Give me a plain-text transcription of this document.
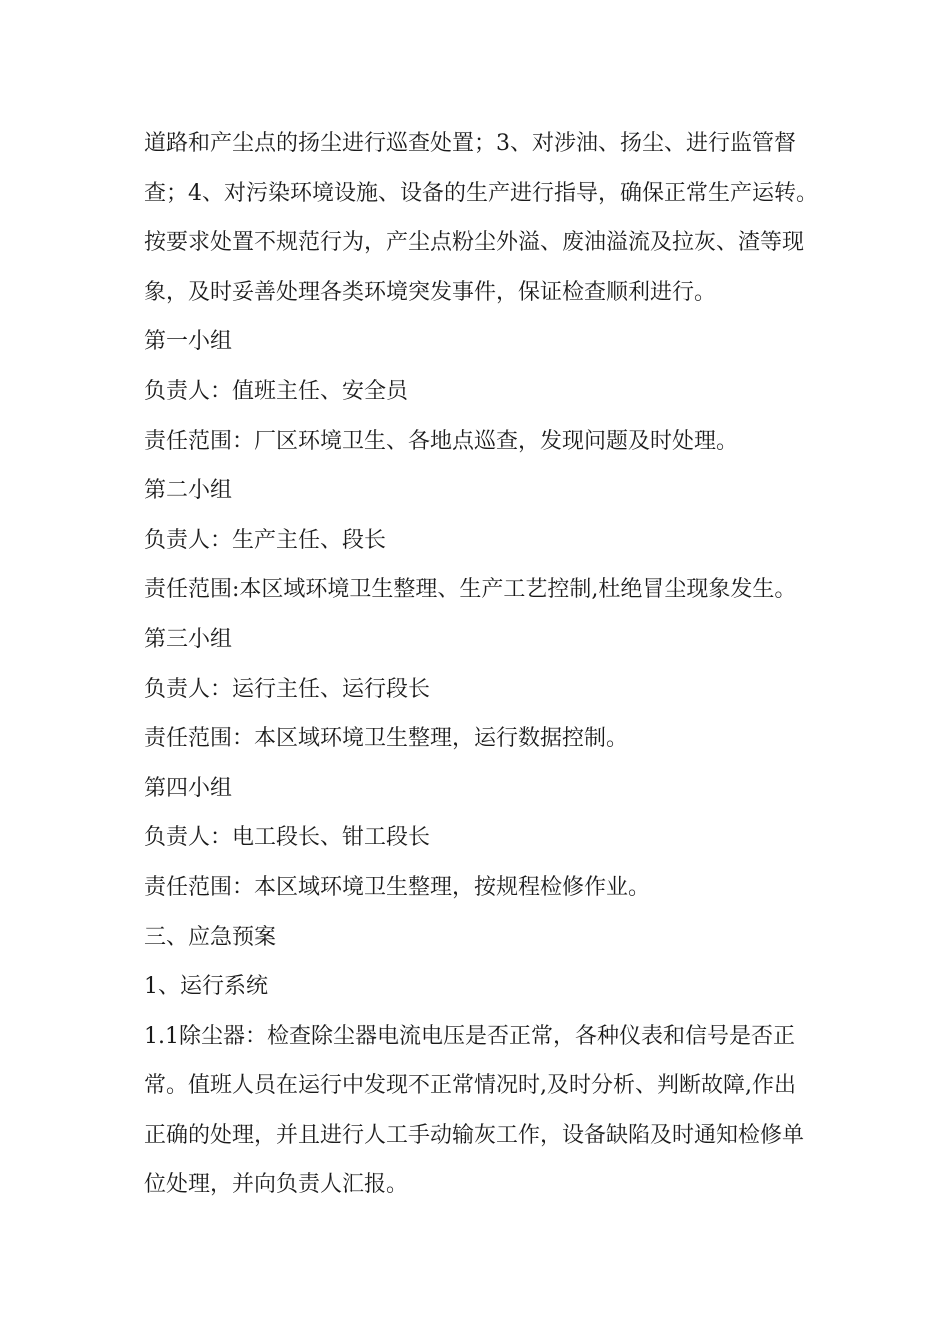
道路和产尘点的扬尘进行巡查处置；3、对涉油、扬尘、进行监管督
查；4、对污染环境设施、设备的生产进行指导，确保正常生产运转。
按要求处置不规范行为，产尘点粉尘外溢、废油溢流及拉灰、渣等现
象，及时妥善处理各类环境突发事件，保证检查顺利进行。
第一小组
负责人：值班主任、安全员
责任范围：厂区环境卫生、各地点巡查，发现问题及时处理。
第二小组
负责人：生产主任、段长
责任范围:本区域环境卫生整理、生产工艺控制,杜绝冒尘现象发生。
第三小组
负责人：运行主任、运行段长
责任范围：本区域环境卫生整理，运行数据控制。
第四小组
负责人：电工段长、钳工段长
责任范围：本区域环境卫生整理，按规程检修作业。
三、应急预案
1、运行系统
1.1除尘器：检查除尘器电流电压是否正常，各种仪表和信号是否正
常。值班人员在运行中发现不正常情况时,及时分析、判断故障,作出
正确的处理，并且进行人工手动输灰工作，设备缺陷及时通知检修单
位处理，并向负责人汇报。
